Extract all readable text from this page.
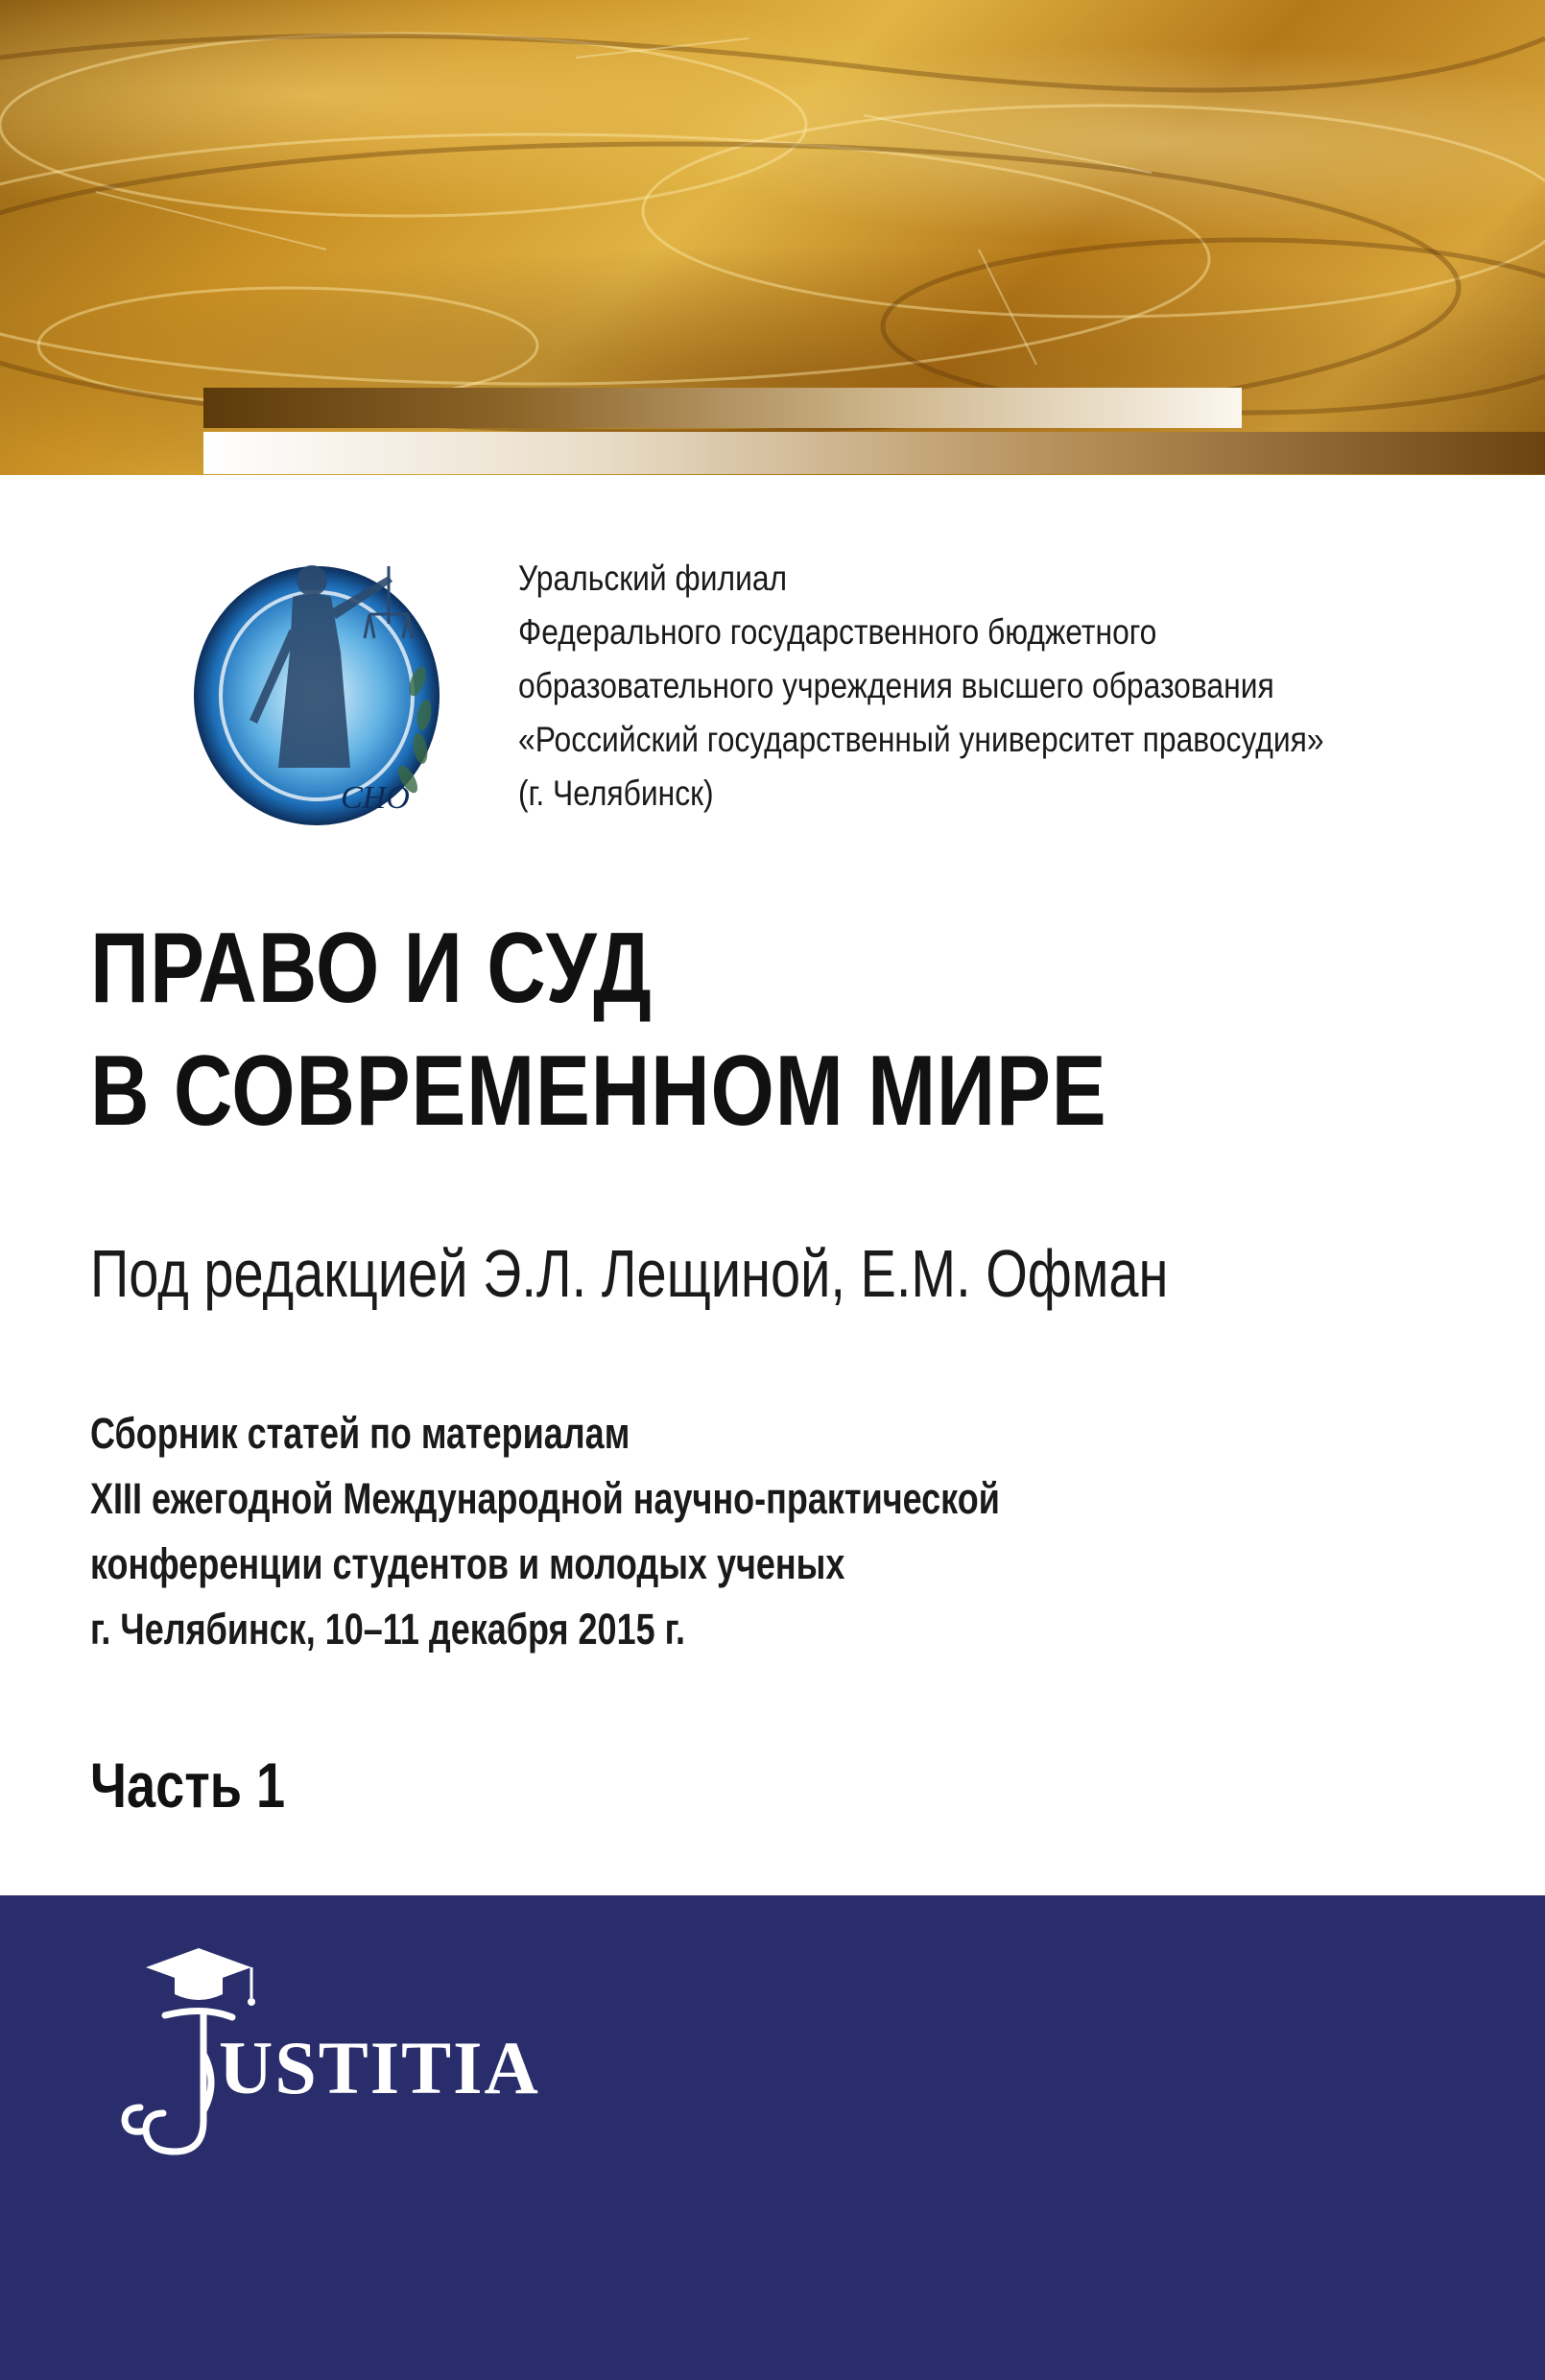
СНО
Уральский филиал
Федерального государственного бюджетного
образовательного учреждения высшего образования
«Российский государственный университет правосудия»
(г. Челябинск)
ПРАВО И СУД
В СОВРЕМЕННОМ МИРЕ
Под редакцией Э.Л. Лещиной, Е.М. Офман
Сборник статей по материалам
XIII ежегодной Международной научно-практической
конференции студентов и молодых ученых
г. Челябинск, 10–11 декабря 2015 г.
Часть 1
USTITIA
